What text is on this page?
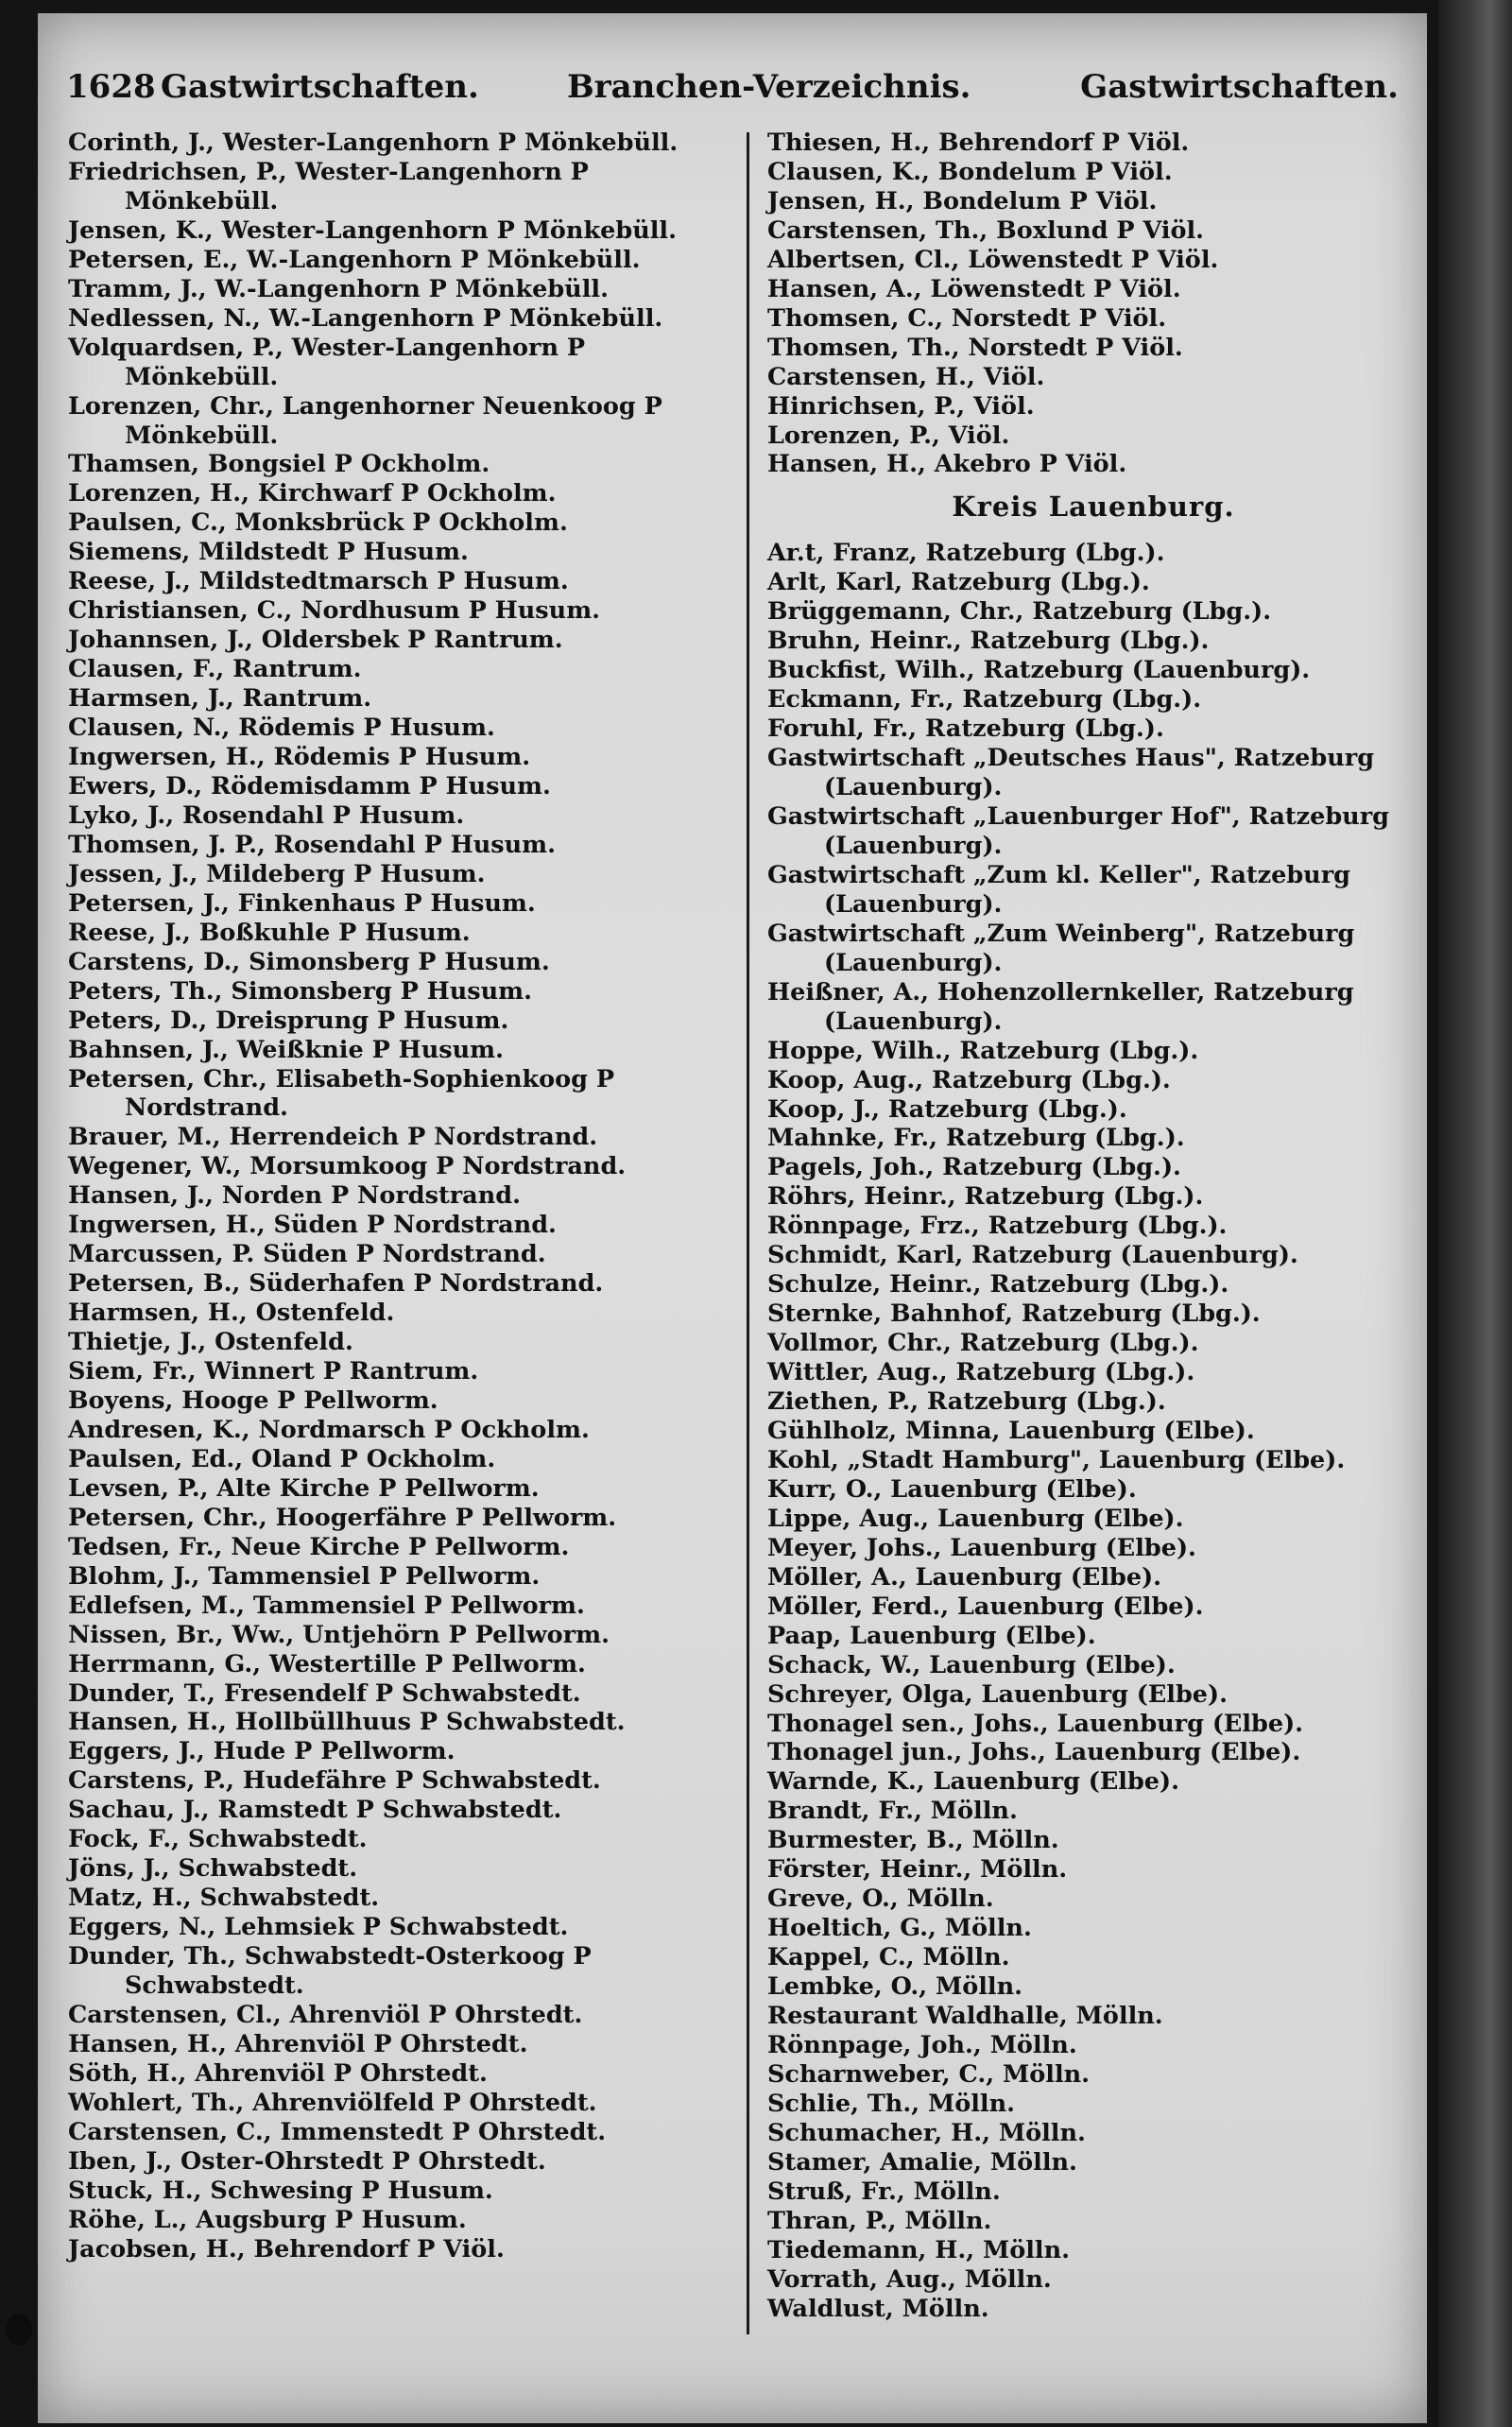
1628 Gastwirtschaften.	Branchen-Verzeichnis.	Gastwirtschaften.
Corinth, J., Wester-Langenhorn P Mönkebüll.
Friedrichsen, P., Wester-Langenhorn P Mönkebüll.
Jensen, K., Wester-Langenhorn P Mönkebüll.
Petersen, E., W.-Langenhorn P Mönkebüll.
Tramm, J., W.-Langenhorn P Mönkebüll.
Nedlessen, N., W.-Langenhorn P Mönkebüll.
Volquardsen, P., Wester-Langenhorn P Mönkebüll.
Lorenzen, Chr., Langenhorner Neuenkoog P Mönkebüll.
Thamsen, Bongsiel P Ockholm.
Lorenzen, H., Kirchwarf P Ockholm.
Paulsen, C., Monksbrück P Ockholm.
Siemens, Mildstedt P Husum.
Reese, J., Mildstedtmarsch P Husum.
Christiansen, C., Nordhusum P Husum.
Johannsen, J., Oldersbek P Rantrum.
Clausen, F., Rantrum.
Harmsen, J., Rantrum.
Clausen, N., Rödemis P Husum.
Ingwersen, H., Rödemis P Husum.
Ewers, D., Rödemisdamm P Husum.
Lyko, J., Rosendahl P Husum.
Thomsen, J. P., Rosendahl P Husum.
Jessen, J., Mildeberg P Husum.
Petersen, J., Finkenhaus P Husum.
Reese, J., Boßkuhle P Husum.
Carstens, D., Simonsberg P Husum.
Peters, Th., Simonsberg P Husum.
Peters, D., Dreisprung P Husum.
Bahnsen, J., Weißknie P Husum.
Petersen, Chr., Elisabeth-Sophienkoog P Nordstrand.
Brauer, M., Herrendeich P Nordstrand.
Wegener, W., Morsumkoog P Nordstrand.
Hansen, J., Norden P Nordstrand.
Ingwersen, H., Süden P Nordstrand.
Marcussen, P. Süden P Nordstrand.
Petersen, B., Süderhafen P Nordstrand.
Harmsen, H., Ostenfeld.
Thietje, J., Ostenfeld.
Siem, Fr., Winnert P Rantrum.
Boyens, Hooge P Pellworm.
Andresen, K., Nordmarsch P Ockholm.
Paulsen, Ed., Oland P Ockholm.
Levsen, P., Alte Kirche P Pellworm.
Petersen, Chr., Hoogerfähre P Pellworm.
Tedsen, Fr., Neue Kirche P Pellworm.
Blohm, J., Tammensiel P Pellworm.
Edlefsen, M., Tammensiel P Pellworm.
Nissen, Br., Ww., Untjehörn P Pellworm.
Herrmann, G., Westertille P Pellworm.
Dunder, T., Fresendelf P Schwabstedt.
Hansen, H., Hollbüllhuus P Schwabstedt.
Eggers, J., Hude P Pellworm.
Carstens, P., Hudefähre P Schwabstedt.
Sachau, J., Ramstedt P Schwabstedt.
Fock, F., Schwabstedt.
Jöns, J., Schwabstedt.
Matz, H., Schwabstedt.
Eggers, N., Lehmsiek P Schwabstedt.
Dunder, Th., Schwabstedt-Osterkoog P Schwabstedt.
Carstensen, Cl., Ahrenviöl P Ohrstedt.
Hansen, H., Ahrenviöl P Ohrstedt.
Söth, H., Ahrenviöl P Ohrstedt.
Wohlert, Th., Ahrenviölfeld P Ohrstedt.
Carstensen, C., Immenstedt P Ohrstedt.
Iben, J., Oster-Ohrstedt P Ohrstedt.
Stuck, H., Schwesing P Husum.
Röhe, L., Augsburg P Husum.
Jacobsen, H., Behrendorf P Viöl.
Thiesen, H., Behrendorf P Viöl.
Clausen, K., Bondelum P Viöl.
Jensen, H., Bondelum P Viöl.
Carstensen, Th., Boxlund P Viöl.
Albertsen, Cl., Löwenstedt P Viöl.
Hansen, A., Löwenstedt P Viöl.
Thomsen, C., Norstedt P Viöl.
Thomsen, Th., Norstedt P Viöl.
Carstensen, H., Viöl.
Hinrichsen, P., Viöl.
Lorenzen, P., Viöl.
Hansen, H., Akebro P Viöl.
Kreis Lauenburg.
Ar.t, Franz, Ratzeburg (Lbg.).
Arlt, Karl, Ratzeburg (Lbg.).
Brüggemann, Chr., Ratzeburg (Lbg.).
Bruhn, Heinr., Ratzeburg (Lbg.).
Buckfist, Wilh., Ratzeburg (Lauenburg).
Eckmann, Fr., Ratzeburg (Lbg.).
Foruhl, Fr., Ratzeburg (Lbg.).
Gastwirtschaft „Deutsches Haus", Ratzeburg (Lauenburg).
Gastwirtschaft „Lauenburger Hof", Ratzeburg (Lauenburg).
Gastwirtschaft „Zum kl. Keller", Ratzeburg (Lauenburg).
Gastwirtschaft „Zum Weinberg", Ratzeburg (Lauenburg).
Heißner, A., Hohenzollernkeller, Ratzeburg (Lauenburg).
Hoppe, Wilh., Ratzeburg (Lbg.).
Koop, Aug., Ratzeburg (Lbg.).
Koop, J., Ratzeburg (Lbg.).
Mahnke, Fr., Ratzeburg (Lbg.).
Pagels, Joh., Ratzeburg (Lbg.).
Röhrs, Heinr., Ratzeburg (Lbg.).
Rönnpage, Frz., Ratzeburg (Lbg.).
Schmidt, Karl, Ratzeburg (Lauenburg).
Schulze, Heinr., Ratzeburg (Lbg.).
Sternke, Bahnhof, Ratzeburg (Lbg.).
Vollmor, Chr., Ratzeburg (Lbg.).
Wittler, Aug., Ratzeburg (Lbg.).
Ziethen, P., Ratzeburg (Lbg.).
Gühlholz, Minna, Lauenburg (Elbe).
Kohl, „Stadt Hamburg", Lauenburg (Elbe).
Kurr, O., Lauenburg (Elbe).
Lippe, Aug., Lauenburg (Elbe).
Meyer, Johs., Lauenburg (Elbe).
Möller, A., Lauenburg (Elbe).
Möller, Ferd., Lauenburg (Elbe).
Paap, Lauenburg (Elbe).
Schack, W., Lauenburg (Elbe).
Schreyer, Olga, Lauenburg (Elbe).
Thonagel sen., Johs., Lauenburg (Elbe).
Thonagel jun., Johs., Lauenburg (Elbe).
Warnde, K., Lauenburg (Elbe).
Brandt, Fr., Mölln.
Burmester, B., Mölln.
Förster, Heinr., Mölln.
Greve, O., Mölln.
Hoeltich, G., Mölln.
Kappel, C., Mölln.
Lembke, O., Mölln.
Restaurant Waldhalle, Mölln.
Rönnpage, Joh., Mölln.
Scharnweber, C., Mölln.
Schlie, Th., Mölln.
Schumacher, H., Mölln.
Stamer, Amalie, Mölln.
Struß, Fr., Mölln.
Thran, P., Mölln.
Tiedemann, H., Mölln.
Vorrath, Aug., Mölln.
Waldlust, Mölln.
